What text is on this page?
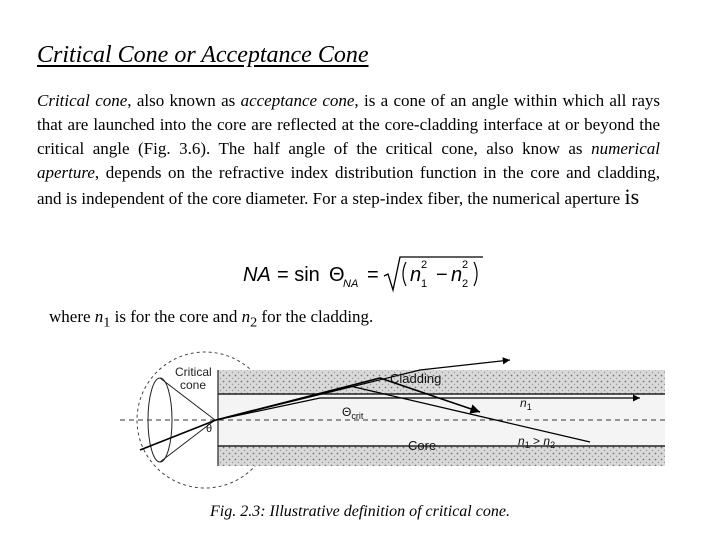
Critical Cone or Acceptance Cone

Critical cone, also known as acceptance cone, is a cone of an angle within which all rays that are launched into the core are reflected at the core-cladding interface at or beyond the critical angle (Fig. 3.6). The half angle of the critical cone, also know as numerical aperture, depends on the refractive index distribution function in the core and cladding, and is independent of the core diameter. For a step-index fiber, the numerical aperture is

NA = sin Θ
NA = n 1
2 − n 2
2

where $n_1$ is for the core and $n_2$ for the cladding.

Critical
cone	Cladding
Core
$\Theta_{crit}$
$n_1$
$n_1 > n_2$
θ

Fig. 2.3: Illustrative definition of critical cone.
